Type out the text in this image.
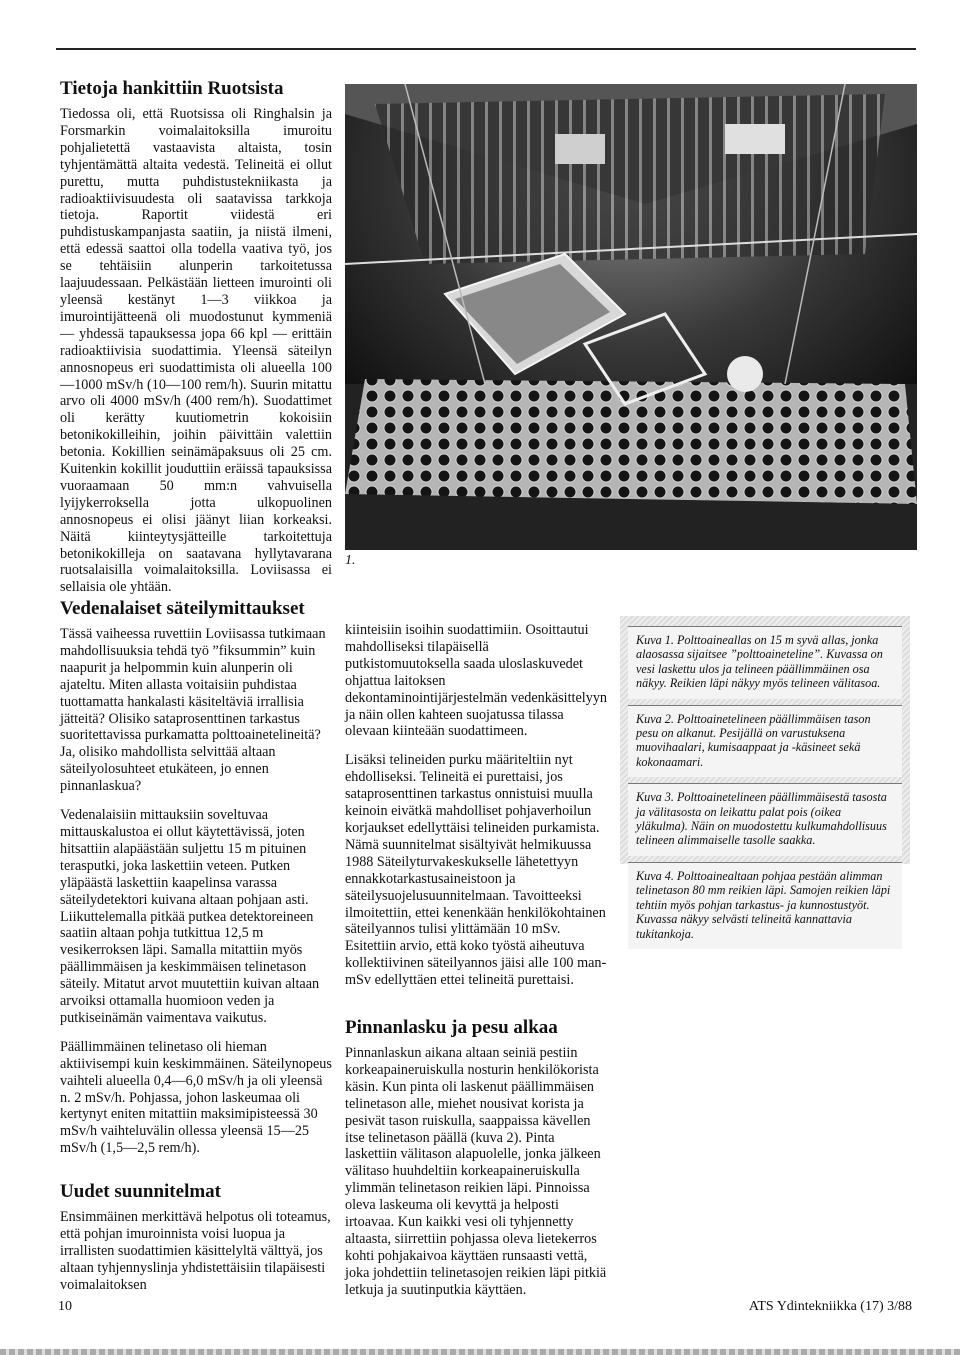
Tietoja hankittiin Ruotsista

Tiedossa oli, että Ruotsissa oli Ringhalsin ja Forsmarkin voimalaitoksilla imuroitu pohjalietettä vastaavista altaista, tosin tyhjentämättä altaita vedestä. Telineitä ei ollut purettu, mutta puhdistustekniikasta ja radioaktiivisuudesta oli saatavissa tarkkoja tietoja. Raportit viidestä eri puhdistuskampanjasta saatiin, ja niistä ilmeni, että edessä saattoi olla todella vaativa työ, jos se tehtäisiin alunperin tarkoitetussa laajuudessaan. Pelkästään lietteen imurointi oli yleensä kestänyt 1—3 viikkoa ja imurointijätteenä oli muodostunut kymmeniä — yhdessä tapauksessa jopa 66 kpl — erittäin radioaktiivisia suodattimia. Yleensä säteilyn annosnopeus eri suodattimista oli alueella 100—1000 mSv/h (10—100 rem/h). Suurin mitattu arvo oli 4000 mSv/h (400 rem/h). Suodattimet oli kerätty kuutiometrin kokoisiin betonikokilleihin, joihin päivittäin valettiin betonia. Kokillien seinämäpaksuus oli 25 cm. Kuitenkin kokillit jouduttiin eräissä tapauksissa vuoraamaan 50 mm:n vahvuisella lyijykerroksella jotta ulkopuolinen annosnopeus ei olisi jäänyt liian korkeaksi. Näitä kiinteytysjätteille tarkoitettuja betonikokilleja on saatavana hyllytavarana ruotsalaisilla voimalaitoksilla. Loviisassa ei sellaisia ole yhtään.

1.
Vedenalaiset säteilymittaukset

Tässä vaiheessa ruvettiin Loviisassa tutkimaan mahdollisuuksia tehdä työ ”fiksummin” kuin naapurit ja helpommin kuin alunperin oli ajateltu. Miten allasta voitaisiin puhdistaa tuottamatta hankalasti käsiteltäviä irrallisia jätteitä? Olisiko sataprosenttinen tarkastus suoritettavissa purkamatta polttoainetelineitä? Ja, olisiko mahdollista selvittää altaan säteilyolosuhteet etukäteen, jo ennen pinnanlaskua?

Vedenalaisiin mittauksiin soveltuvaa mittauskalustoa ei ollut käytettävissä, joten hitsattiin alapäästään suljettu 15 m pituinen terasputki, joka laskettiin veteen. Putken yläpäästä laskettiin kaapelinsa varassa säteilydetektori kuivana altaan pohjaan asti. Liikuttelemalla pitkää putkea detektoreineen saatiin altaan pohja tutkittua 12,5 m vesikerroksen läpi. Samalla mitattiin myös päällimmäisen ja keskimmäisen telinetason säteily. Mitatut arvot muutettiin kuivan altaan arvoiksi ottamalla huomioon veden ja putkiseinämän vaimentava vaikutus.

Päällimmäinen telinetaso oli hieman aktiivisempi kuin keskimmäinen. Säteilynopeus vaihteli alueella 0,4—6,0 mSv/h ja oli yleensä n. 2 mSv/h. Pohjassa, johon laskeumaa oli kertynyt eniten mitattiin maksimipisteessä 30 mSv/h vaihteluvälin ollessa yleensä 15—25 mSv/h (1,5—2,5 rem/h).

Uudet suunnitelmat

Ensimmäinen merkittävä helpotus oli toteamus, että pohjan imuroinnista voisi luopua ja irrallisten suodattimien käsittelyltä välttyä, jos altaan tyhjennyslinja yhdistettäisiin tilapäisesti voimalaitoksen

kiinteisiin isoihin suodattimiin. Osoittautui mahdolliseksi tilapäisellä putkistomuutoksella saada uloslaskuvedet ohjattua laitoksen dekontaminointijärjestelmän vedenkäsittelyyn ja näin ollen kahteen suojatussa tilassa olevaan kiinteään suodattimeen.

Lisäksi telineiden purku määriteltiin nyt ehdolliseksi. Telineitä ei purettaisi, jos sataprosenttinen tarkastus onnistuisi muulla keinoin eivätkä mahdolliset pohjaverhoilun korjaukset edellyttäisi telineiden purkamista. Nämä suunnitelmat sisältyivät helmikuussa 1988 Säteilyturvakeskukselle lähetettyyn ennakkotarkastusaineistoon ja säteilysuojelusuunnitelmaan. Tavoitteeksi ilmoitettiin, ettei kenenkään henkilökohtainen säteilyannos tulisi ylittämään 10 mSv. Esitettiin arvio, että koko työstä aiheutuva kollektiivinen säteilyannos jäisi alle 100 man-mSv edellyttäen ettei telineitä purettaisi.

Pinnanlasku ja pesu alkaa

Pinnanlaskun aikana altaan seiniä pestiin korkeapaineruiskulla nosturin henkilökorista käsin. Kun pinta oli laskenut päällimmäisen telinetason alle, miehet nousivat korista ja pesivät tason ruiskulla, saappaissa kävellen itse telinetason päällä (kuva 2). Pinta laskettiin välitason alapuolelle, jonka jälkeen välitaso huuhdeltiin korkeapaineruiskulla ylimmän telinetason reikien läpi. Pinnoissa oleva laskeuma oli kevyttä ja helposti irtoavaa. Kun kaikki vesi oli tyhjennetty altaasta, siirrettiin pohjassa oleva lietekerros kohti pohjakaivoa käyttäen runsaasti vettä, joka johdettiin telinetasojen reikien läpi pitkiä letkuja ja suutinputkia käyttäen.

Kuva 1. Polttoaineallas on 15 m syvä allas, jonka alaosassa sijaitsee ”polttoaineteline”. Kuvassa on vesi laskettu ulos ja telineen päällimmäinen osa näkyy. Reikien läpi näkyy myös telineen välitasoa.
Kuva 2. Polttoainetelineen päällimmäisen tason pesu on alkanut. Pesijällä on varustuksena muovihaalari, kumisaappaat ja -käsineet sekä kokonaamari.
Kuva 3. Polttoainetelineen päällimmäisestä tasosta ja välitasosta on leikattu palat pois (oikea yläkulma). Näin on muodostettu kulkumahdollisuus telineen alimmaiselle tasolle saakka.
Kuva 4. Polttoainealtaan pohjaa pestään alimman telinetason 80 mm reikien läpi. Samojen reikien läpi tehtiin myös pohjan tarkastus- ja kunnostustyöt. Kuvassa näkyy selvästi telineitä kannattavia tukitankoja.
10	ATS Ydintekniikka (17) 3/88
